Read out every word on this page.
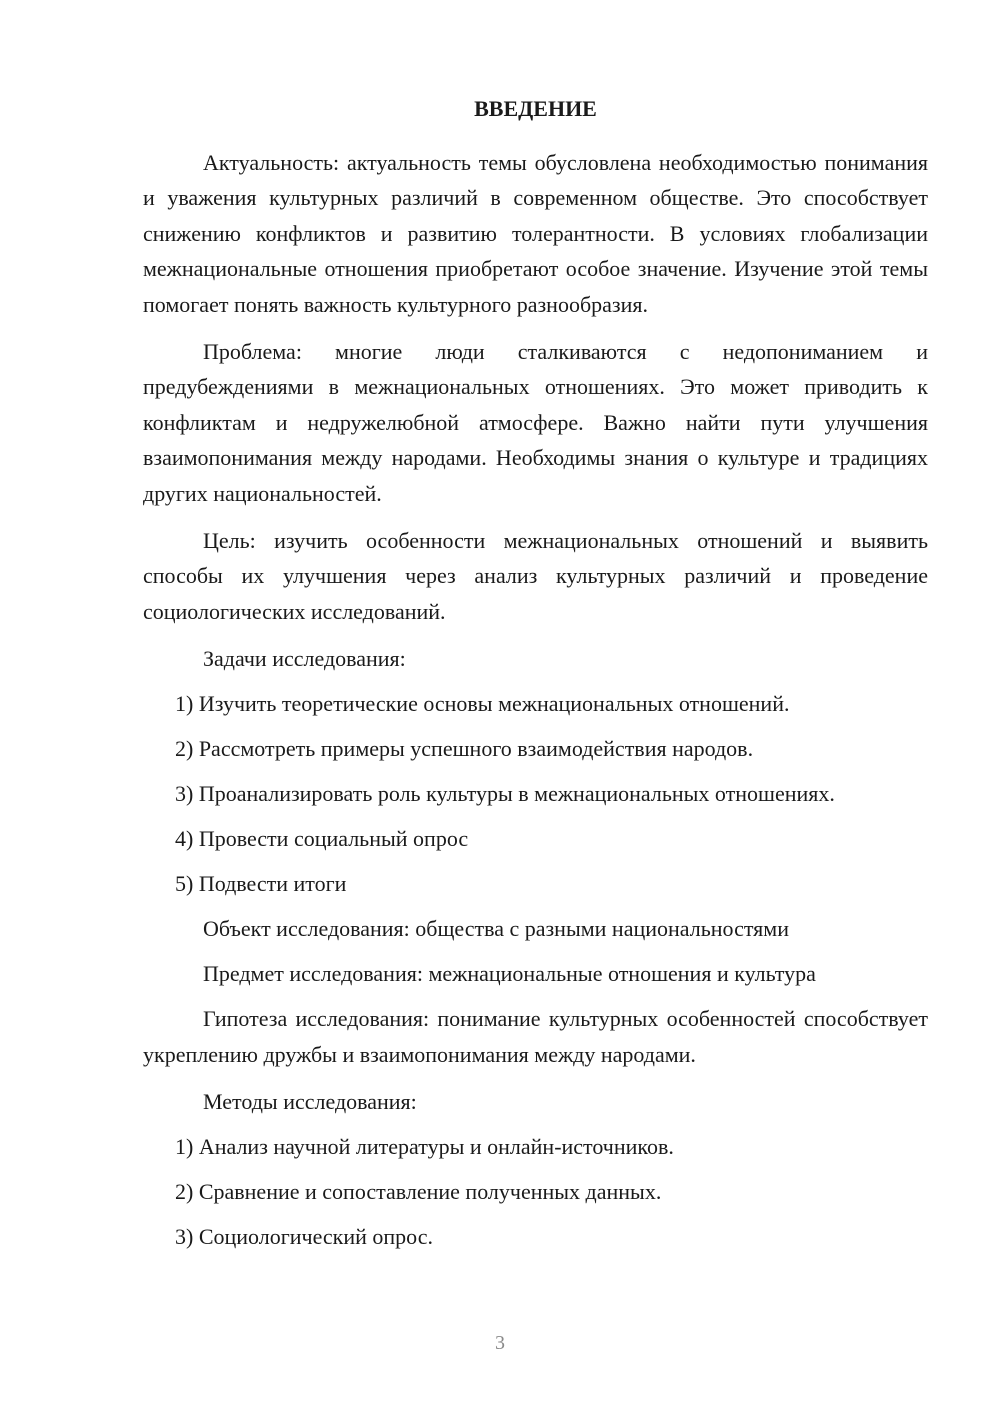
ВВЕДЕНИЕ

Актуальность: актуальность темы обусловлена необходимостью понимания и уважения культурных различий в современном обществе. Это способствует снижению конфликтов и развитию толерантности. В условиях глобализации межнациональные отношения приобретают особое значение. Изучение этой темы помогает понять важность культурного разнообразия.

Проблема: многие люди сталкиваются с недопониманием и предубеждениями в межнациональных отношениях. Это может приводить к конфликтам и недружелюбной атмосфере. Важно найти пути улучшения взаимопонимания между народами. Необходимы знания о культуре и традициях других национальностей.

Цель: изучить особенности межнациональных отношений и выявить способы их улучшения через анализ культурных различий и проведение социологических исследований.

Задачи исследования:
1) Изучить теоретические основы межнациональных отношений.
2) Рассмотреть примеры успешного взаимодействия народов.
3) Проанализировать роль культуры в межнациональных отношениях.
4) Провести социальный опрос
5) Подвести итоги
Объект исследования: общества с разными национальностями
Предмет исследования: межнациональные отношения и культура

Гипотеза исследования: понимание культурных особенностей способствует укреплению дружбы и взаимопонимания между народами.

Методы исследования:
1) Анализ научной литературы и онлайн-источников.
2) Сравнение и сопоставление полученных данных.
3) Социологический опрос.
3
